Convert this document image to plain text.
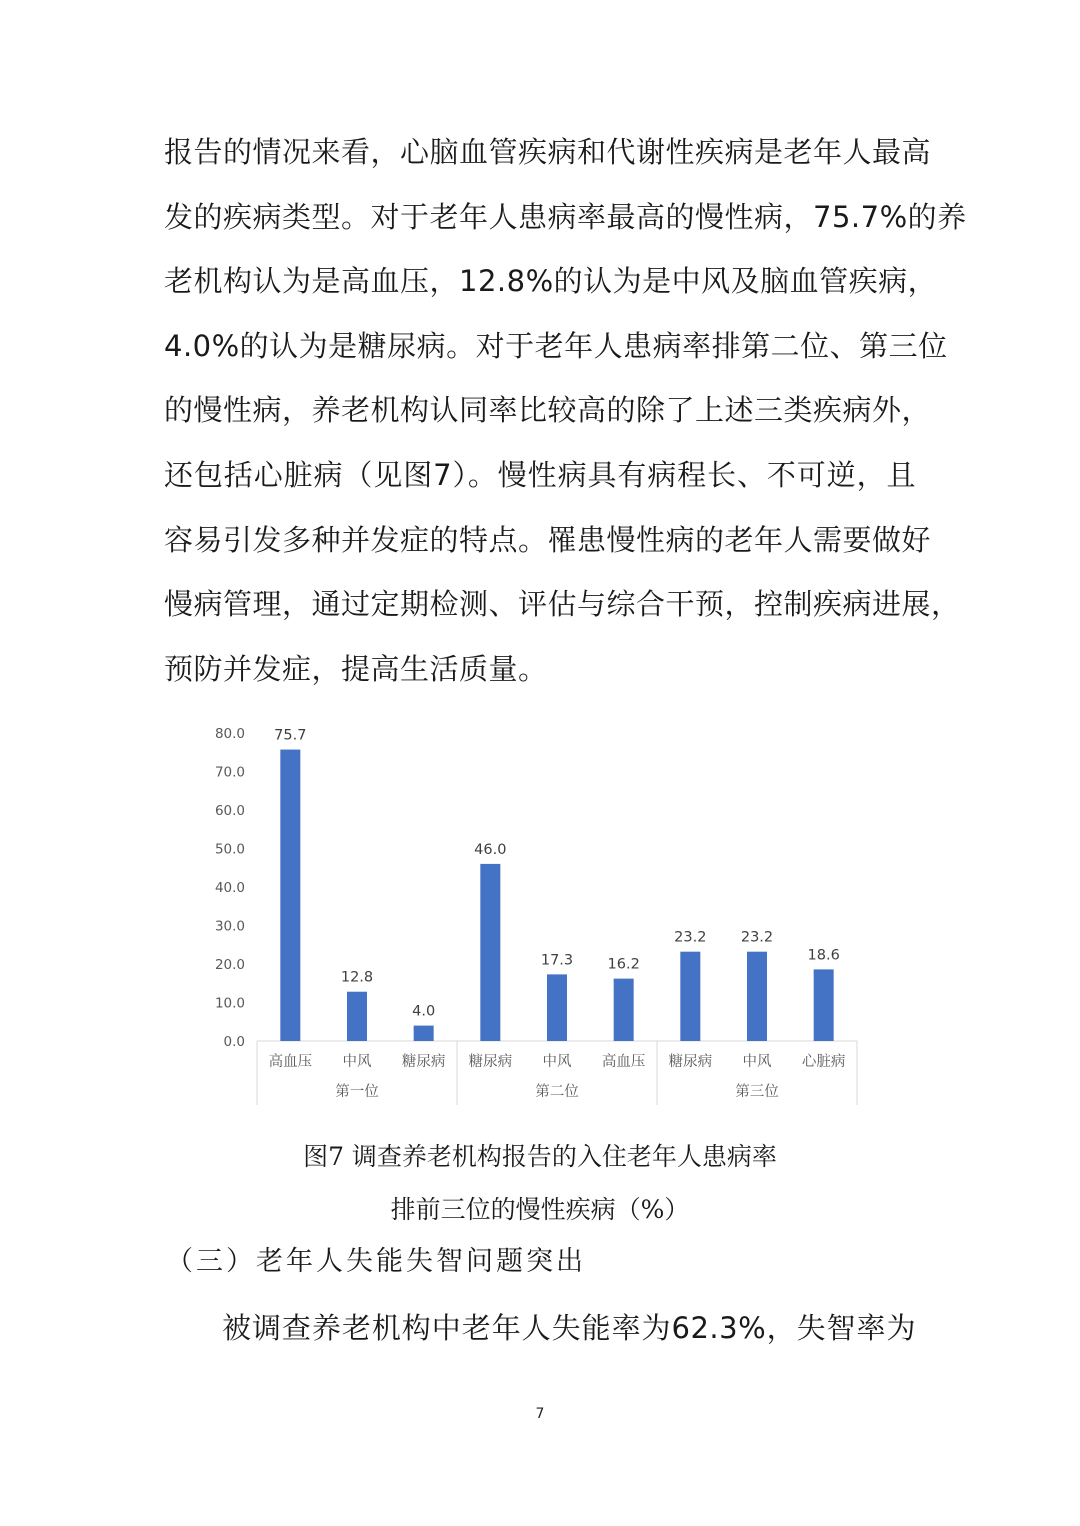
报告的情况来看，心脑血管疾病和代谢性疾病是老年人最高
发的疾病类型。对于老年人患病率最高的慢性病，75.7%的养
老机构认为是高血压，12.8%的认为是中风及脑血管疾病，
4.0%的认为是糖尿病。对于老年人患病率排第二位、第三位
的慢性病，养老机构认同率比较高的除了上述三类疾病外，
还包括心脏病（见图7）。慢性病具有病程长、不可逆，且
容易引发多种并发症的特点。罹患慢性病的老年人需要做好
慢病管理，通过定期检测、评估与综合干预，控制疾病进展，
预防并发症，提高生活质量。
0.0
10.0
20.0
30.0
40.0
50.0
60.0
70.0
80.0 75.7
高血压
12.8
中风
4.0
糖尿病
第一位
46.0
糖尿病
17.3
中风
16.2
高血压
第二位
23.2
糖尿病
23.2
中风
18.6
心脏病
第三位
图7 调查养老机构报告的入住老年人患病率
排前三位的慢性疾病（%）
（三）老年人失能失智问题突出
被调查养老机构中老年人失能率为62.3%，失智率为
7
